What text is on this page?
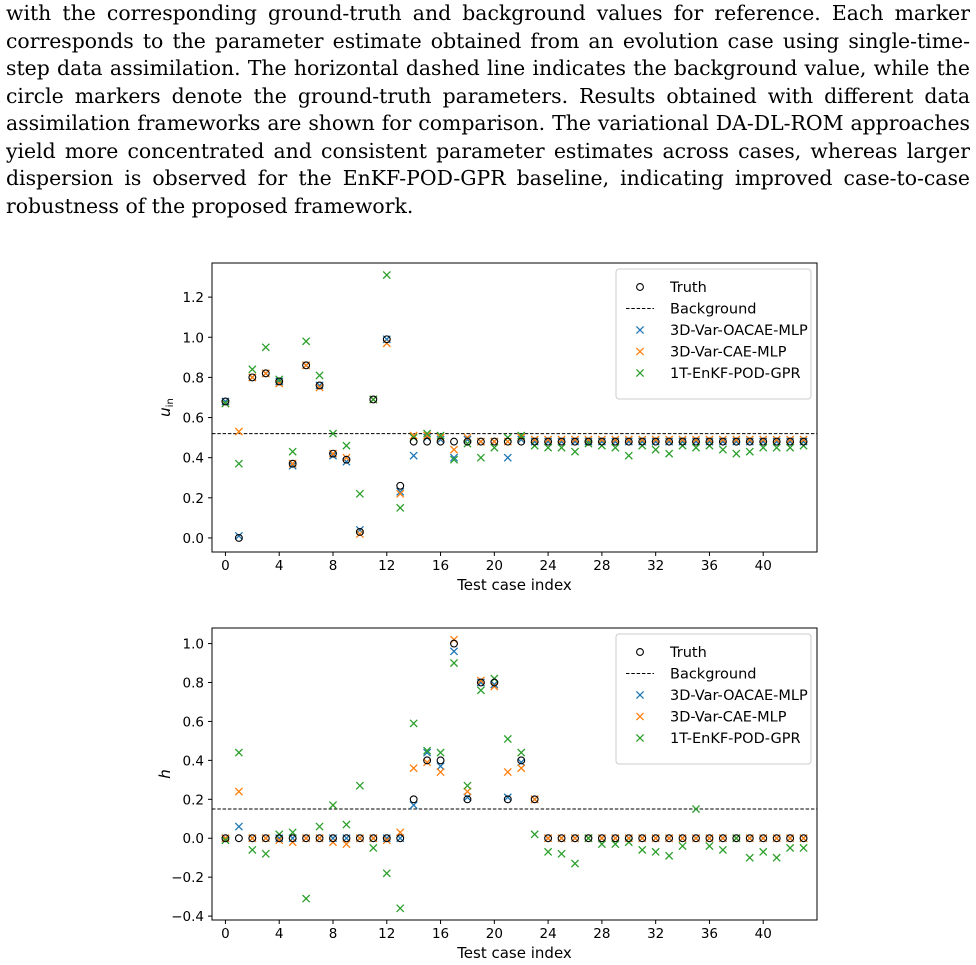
with the corresponding ground-truth and background values for reference. Each marker corresponds to the parameter estimate obtained from an evolution case using single-time-step data assimilation. The horizontal dashed line indicates the background value, while the circle markers denote the ground-truth parameters. Results obtained with different data assimilation frameworks are shown for comparison. The variational DA-DL-ROM approaches yield more concentrated and consistent parameter estimates across cases, whereas larger dispersion is observed for the EnKF-POD-GPR baseline, indicating improved case-to-case robustness of the proposed framework.

0	4	8	12	16	20	24	28	32	36	40
0.0
0.2
0.4
0.6
0.8
1.0
1.2
Test case index
$u_{in}$
Truth
Background
3D-Var-OACAE-MLP
3D-Var-CAE-MLP
1T-EnKF-POD-GPR
0	4	8	12	16	20	24	28	32	36	40
−0.4
−0.2
0.0
0.2
0.4
0.6
0.8
1.0
Test case index
h
Truth
Background
3D-Var-OACAE-MLP
3D-Var-CAE-MLP
1T-EnKF-POD-GPR
